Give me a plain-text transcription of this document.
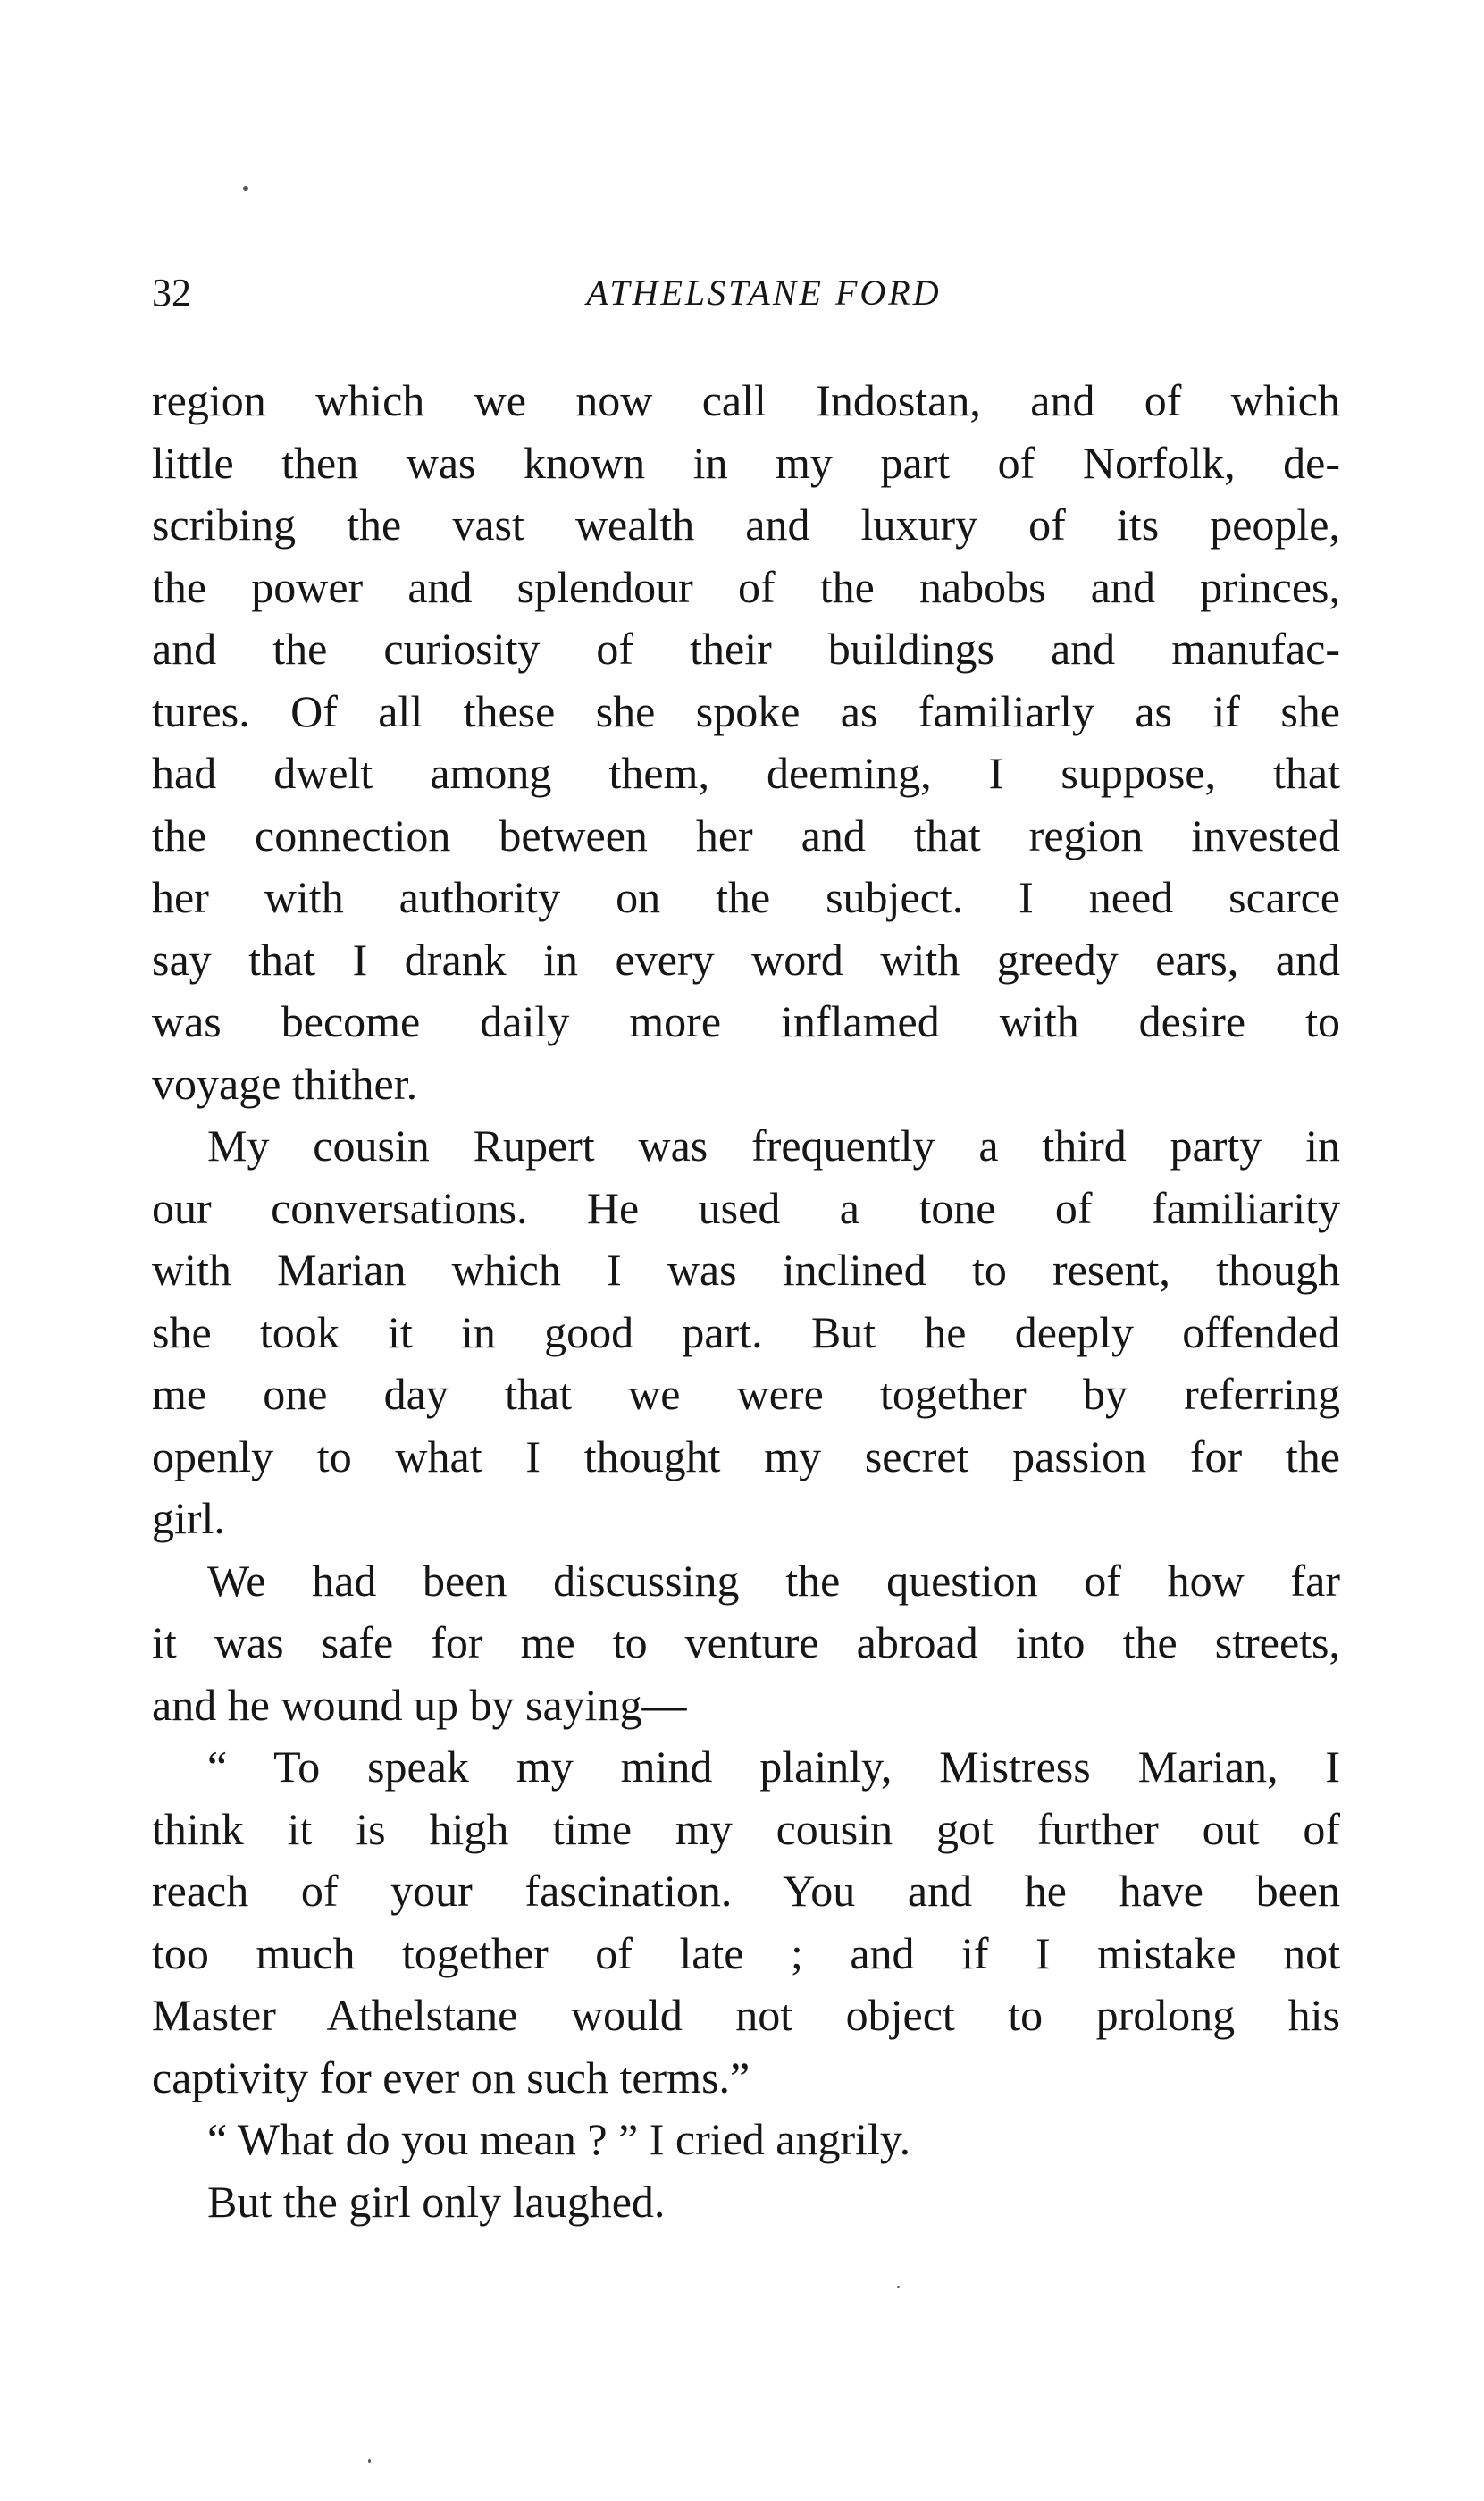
32	ATHELSTANE FORD
region which we now call Indostan, and of which
little then was known in my part of Norfolk, de-
scribing the vast wealth and luxury of its people,
the power and splendour of the nabobs and princes,
and the curiosity of their buildings and manufac-
tures. Of all these she spoke as familiarly as if she
had dwelt among them, deeming, I suppose, that
the connection between her and that region invested
her with authority on the subject. I need scarce
say that I drank in every word with greedy ears, and
was become daily more inflamed with desire to
voyage thither.
My cousin Rupert was frequently a third party in
our conversations. He used a tone of familiarity
with Marian which I was inclined to resent, though
she took it in good part. But he deeply offended
me one day that we were together by referring
openly to what I thought my secret passion for the
girl.
We had been discussing the question of how far
it was safe for me to venture abroad into the streets,
and he wound up by saying—
“ To speak my mind plainly, Mistress Marian, I
think it is high time my cousin got further out of
reach of your fascination. You and he have been
too much together of late ; and if I mistake not
Master Athelstane would not object to prolong his
captivity for ever on such terms.”
“ What do you mean ? ” I cried angrily.
But the girl only laughed.
